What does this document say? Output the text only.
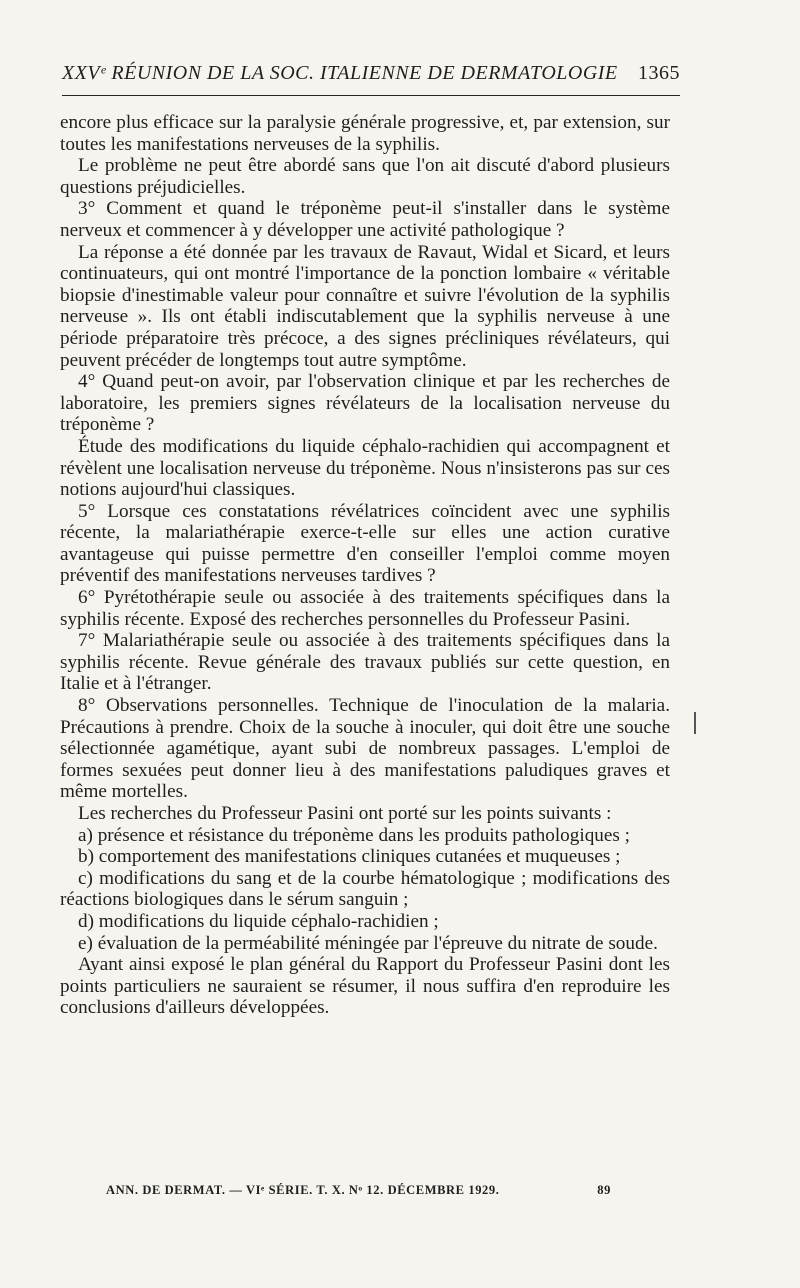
XXVᵉ RÉUNION DE LA SOC. ITALIENNE DE DERMATOLOGIE 1365

encore plus efficace sur la paralysie générale progressive, et, par extension, sur toutes les manifestations nerveuses de la syphilis.

Le problème ne peut être abordé sans que l'on ait discuté d'abord plusieurs questions préjudicielles.

3° Comment et quand le tréponème peut-il s'installer dans le système nerveux et commencer à y développer une activité pathologique ?

La réponse a été donnée par les travaux de Ravaut, Widal et Sicard, et leurs continuateurs, qui ont montré l'importance de la ponction lombaire « véritable biopsie d'inestimable valeur pour connaître et suivre l'évolution de la syphilis nerveuse ». Ils ont établi indiscutablement que la syphilis nerveuse à une période préparatoire très précoce, a des signes précliniques révélateurs, qui peuvent précéder de longtemps tout autre symptôme.

4° Quand peut-on avoir, par l'observation clinique et par les recherches de laboratoire, les premiers signes révélateurs de la localisation nerveuse du tréponème ?

Étude des modifications du liquide céphalo-rachidien qui accompagnent et révèlent une localisation nerveuse du tréponème. Nous n'insisterons pas sur ces notions aujourd'hui classiques.

5° Lorsque ces constatations révélatrices coïncident avec une syphilis récente, la malariathérapie exerce-t-elle sur elles une action curative avantageuse qui puisse permettre d'en conseiller l'emploi comme moyen préventif des manifestations nerveuses tardives ?

6° Pyrétothérapie seule ou associée à des traitements spécifiques dans la syphilis récente. Exposé des recherches personnelles du Professeur Pasini.

7° Malariathérapie seule ou associée à des traitements spécifiques dans la syphilis récente. Revue générale des travaux publiés sur cette question, en Italie et à l'étranger.

8° Observations personnelles. Technique de l'inoculation de la malaria. Précautions à prendre. Choix de la souche à inoculer, qui doit être une souche sélectionnée agamétique, ayant subi de nombreux passages. L'emploi de formes sexuées peut donner lieu à des manifestations paludiques graves et même mortelles.

Les recherches du Professeur Pasini ont porté sur les points suivants :

a) présence et résistance du tréponème dans les produits pathologiques ;

b) comportement des manifestations cliniques cutanées et muqueuses ;

c) modifications du sang et de la courbe hématologique ; modifications des réactions biologiques dans le sérum sanguin ;

d) modifications du liquide céphalo-rachidien ;

e) évaluation de la perméabilité méningée par l'épreuve du nitrate de soude.

Ayant ainsi exposé le plan général du Rapport du Professeur Pasini dont les points particuliers ne sauraient se résumer, il nous suffira d'en reproduire les conclusions d'ailleurs développées.

ANN. DE DERMAT. — VIᵉ SÉRIE. T. X. Nᵒ 12. DÉCEMBRE 1929.	89
